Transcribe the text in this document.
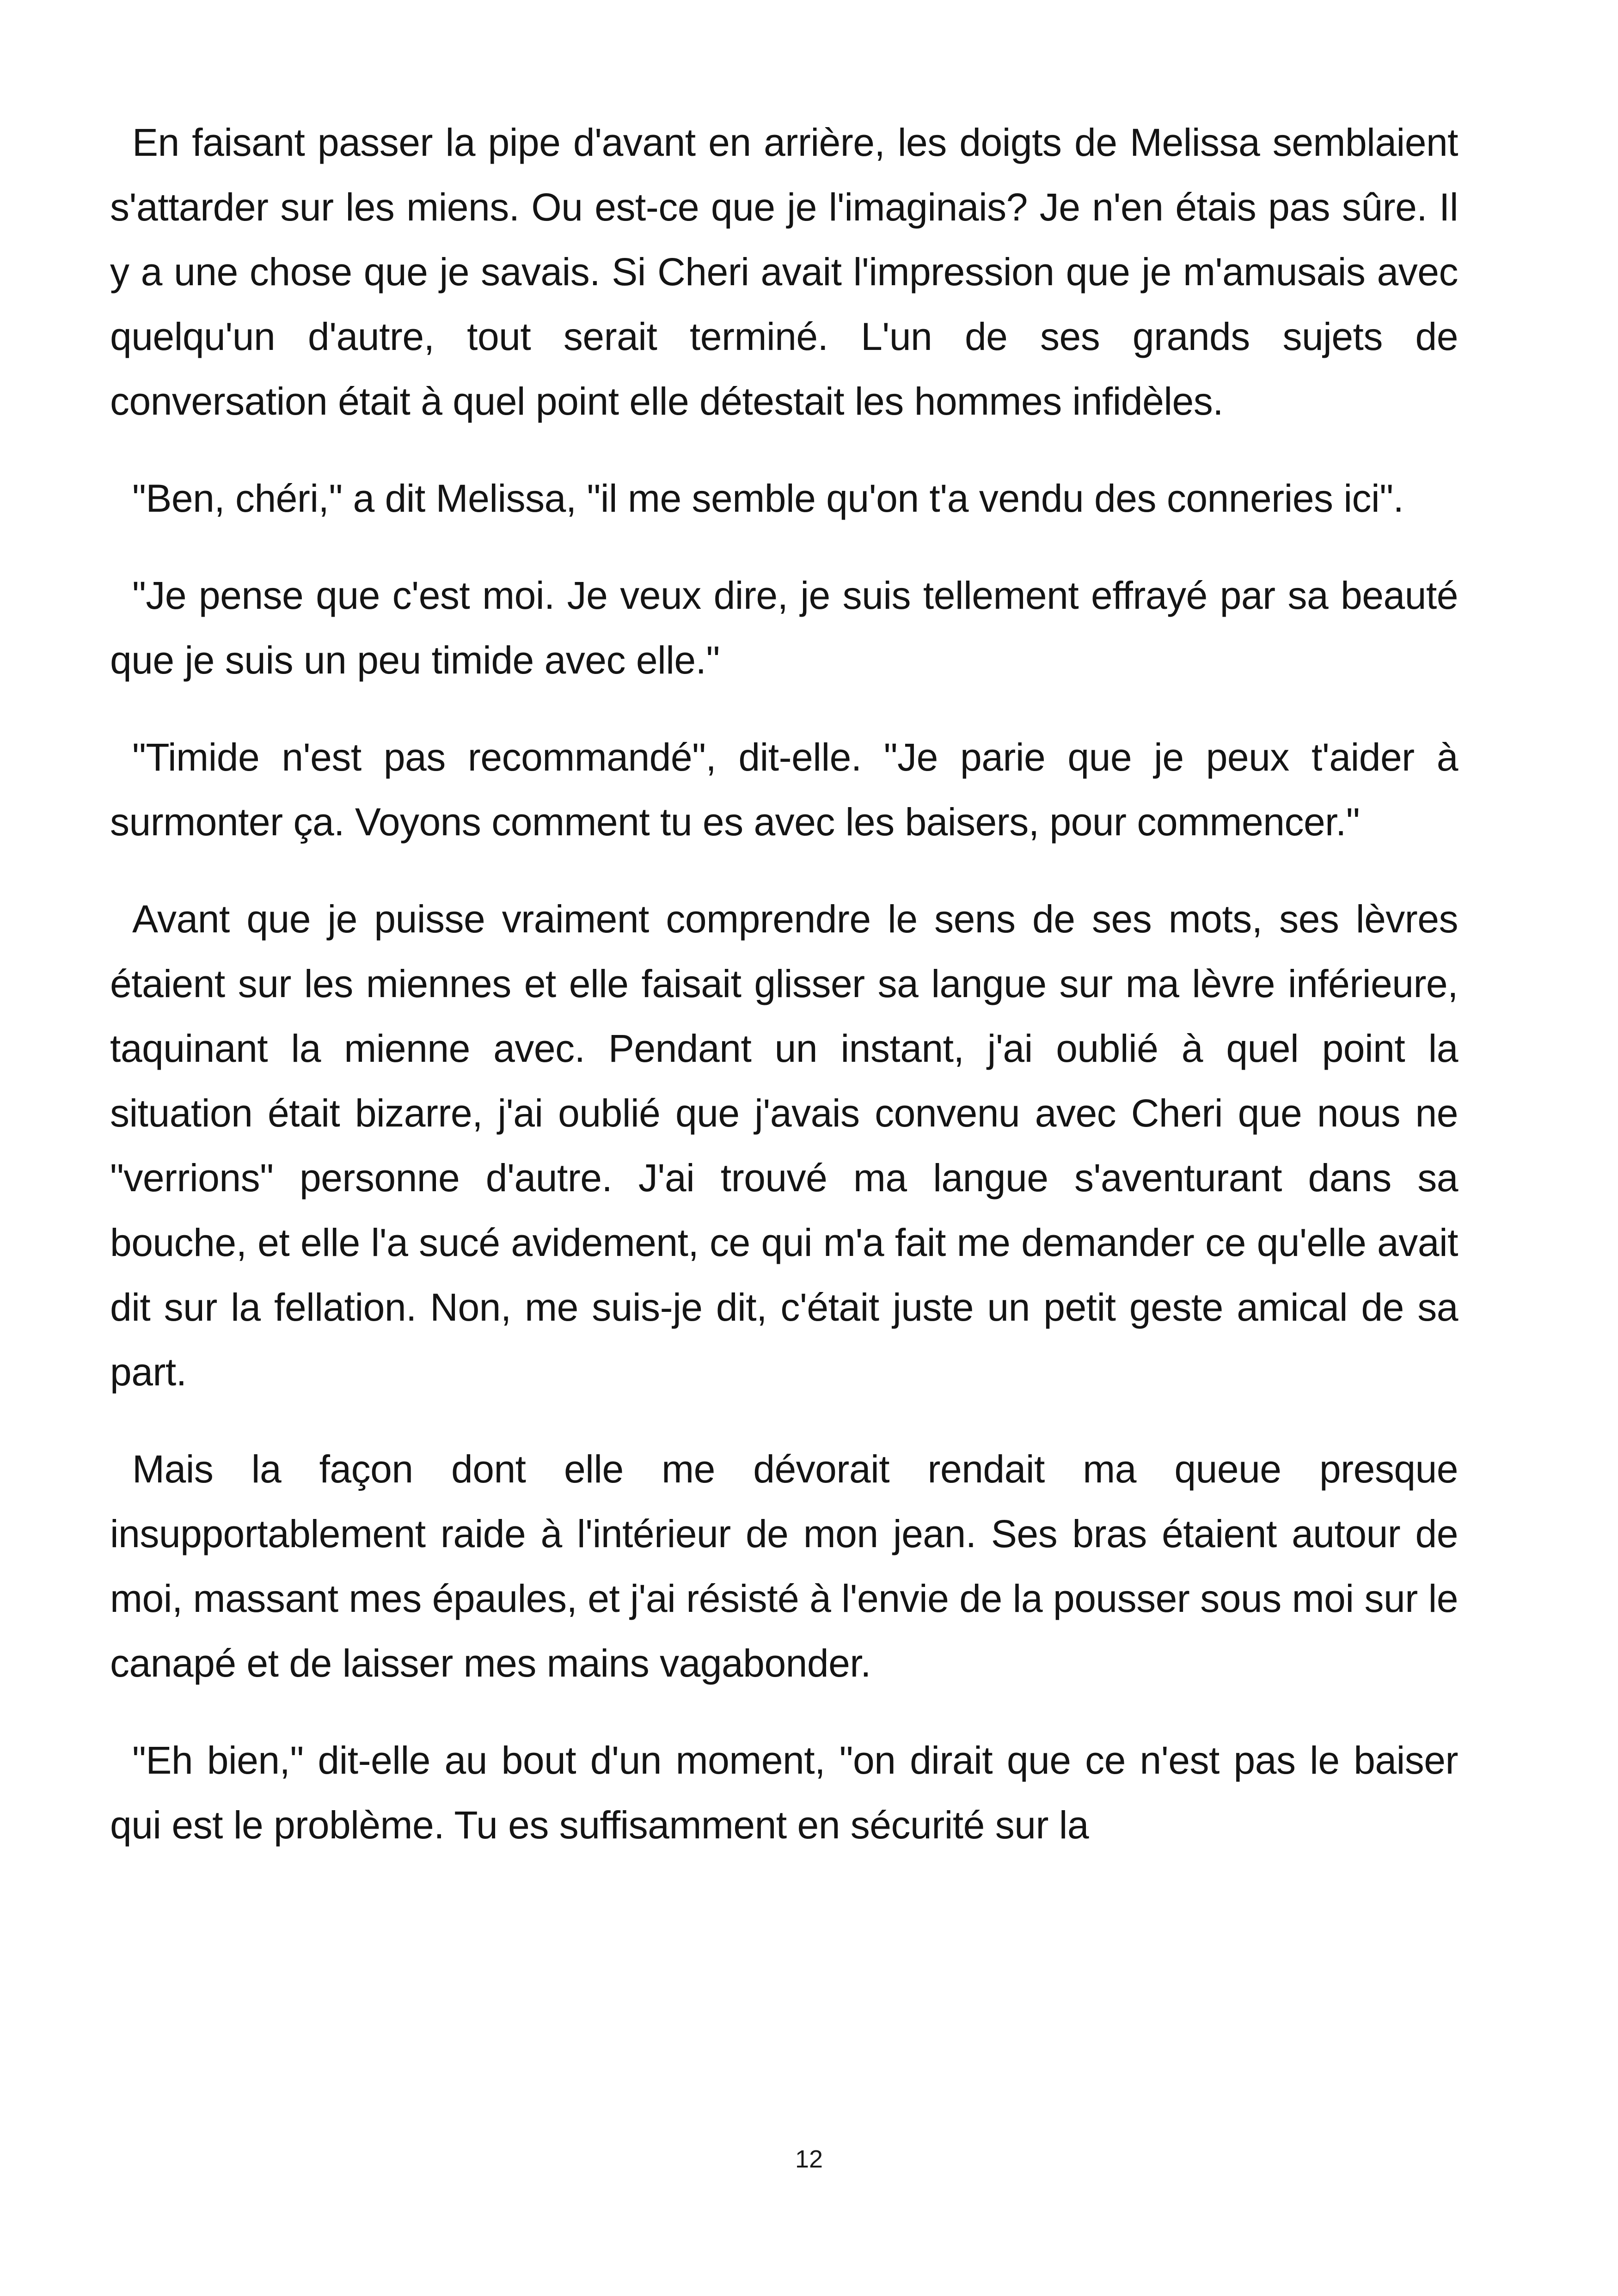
En faisant passer la pipe d'avant en arrière, les doigts de Melissa semblaient s'attarder sur les miens. Ou est-ce que je l'imaginais? Je n'en étais pas sûre. Il y a une chose que je savais. Si Cheri avait l'impression que je m'amusais avec quelqu'un d'autre, tout serait terminé. L'un de ses grands sujets de conversation était à quel point elle détestait les hommes infidèles.

"Ben, chéri," a dit Melissa, "il me semble qu'on t'a vendu des conneries ici".

"Je pense que c'est moi. Je veux dire, je suis tellement effrayé par sa beauté que je suis un peu timide avec elle."

"Timide n'est pas recommandé", dit-elle. "Je parie que je peux t'aider à surmonter ça. Voyons comment tu es avec les baisers, pour commencer."

Avant que je puisse vraiment comprendre le sens de ses mots, ses lèvres étaient sur les miennes et elle faisait glisser sa langue sur ma lèvre inférieure, taquinant la mienne avec. Pendant un instant, j'ai oublié à quel point la situation était bizarre, j'ai oublié que j'avais convenu avec Cheri que nous ne "verrions" personne d'autre. J'ai trouvé ma langue s'aventurant dans sa bouche, et elle l'a sucé avidement, ce qui m'a fait me demander ce qu'elle avait dit sur la fellation. Non, me suis-je dit, c'était juste un petit geste amical de sa part.

Mais la façon dont elle me dévorait rendait ma queue presque insupportablement raide à l'intérieur de mon jean. Ses bras étaient autour de moi, massant mes épaules, et j'ai résisté à l'envie de la pousser sous moi sur le canapé et de laisser mes mains vagabonder.

"Eh bien," dit-elle au bout d'un moment, "on dirait que ce n'est pas le baiser qui est le problème. Tu es suffisamment en sécurité sur la

12
